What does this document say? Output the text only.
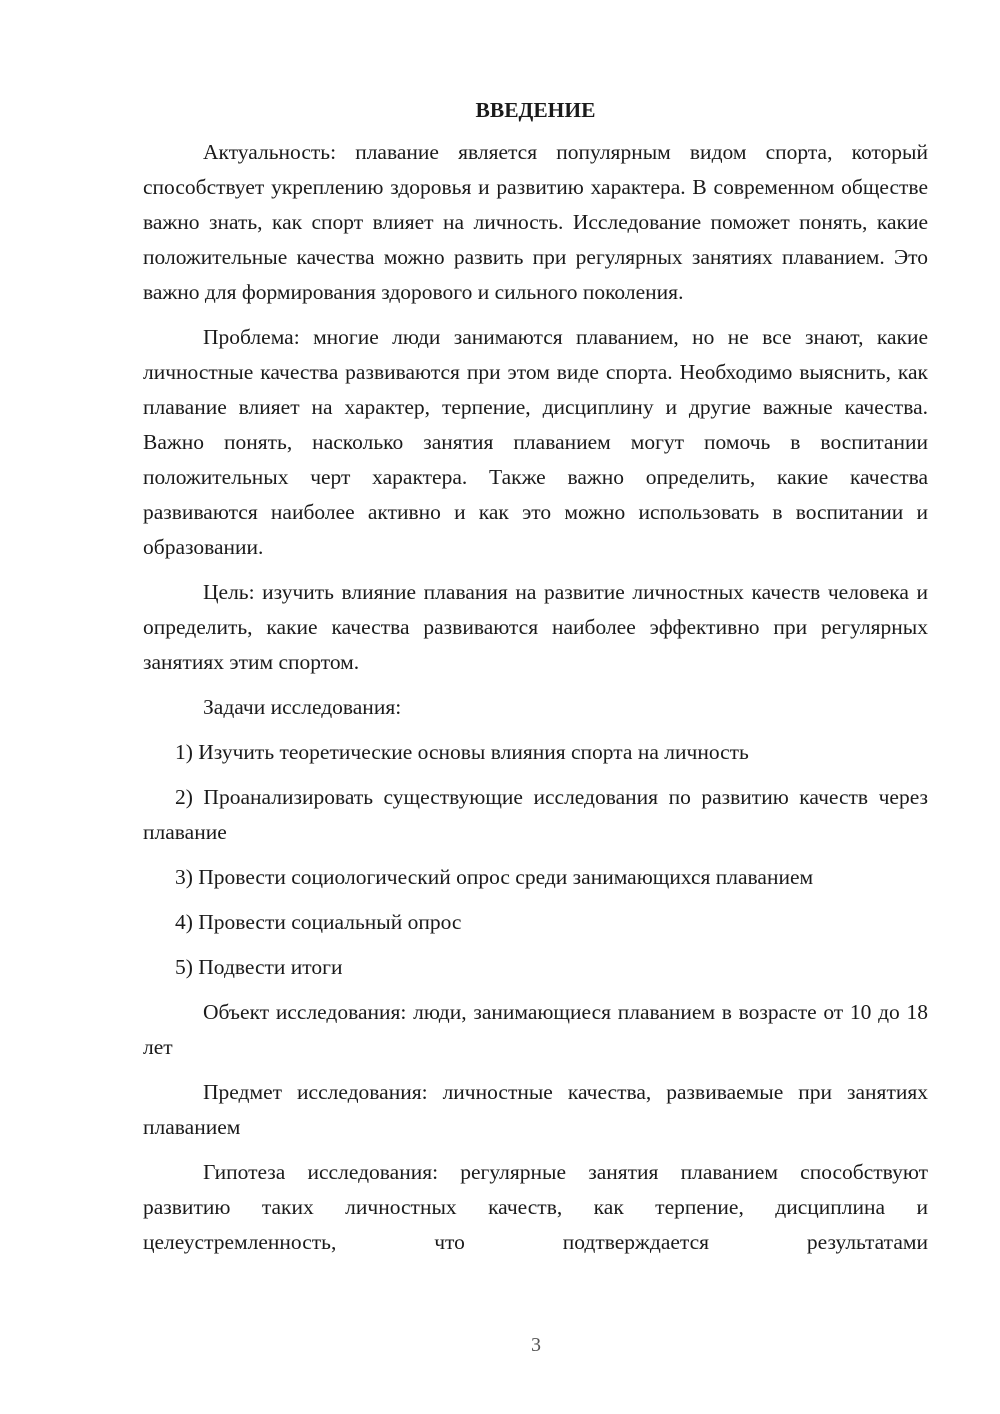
ВВЕДЕНИЕ

Актуальность: плавание является популярным видом спорта, который способствует укреплению здоровья и развитию характера. В современном обществе важно знать, как спорт влияет на личность. Исследование поможет понять, какие положительные качества можно развить при регулярных занятиях плаванием. Это важно для формирования здорового и сильного поколения.

Проблема: многие люди занимаются плаванием, но не все знают, какие личностные качества развиваются при этом виде спорта. Необходимо выяснить, как плавание влияет на характер, терпение, дисциплину и другие важные качества. Важно понять, насколько занятия плаванием могут помочь в воспитании положительных черт характера. Также важно определить, какие качества развиваются наиболее активно и как это можно использовать в воспитании и образовании.

Цель: изучить влияние плавания на развитие личностных качеств человека и определить, какие качества развиваются наиболее эффективно при регулярных занятиях этим спортом.

Задачи исследования:

1) Изучить теоретические основы влияния спорта на личность

2) Проанализировать существующие исследования по развитию качеств через плавание

3) Провести социологический опрос среди занимающихся плаванием

4) Провести социальный опрос

5) Подвести итоги

Объект исследования: люди, занимающиеся плаванием в возрасте от 10 до 18 лет

Предмет исследования: личностные качества, развиваемые при занятиях плаванием

Гипотеза исследования: регулярные занятия плаванием способствуют развитию таких личностных качеств, как терпение, дисциплина и целеустремленность, что подтверждается результатами

3
